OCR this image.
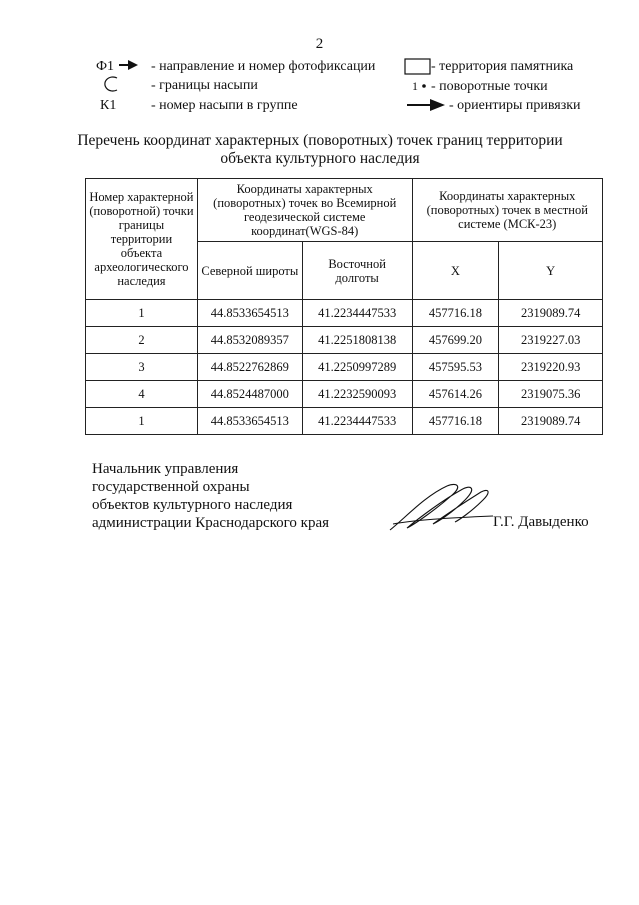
2
Ф1	- направление и номер фотофиксации
- границы насыпи
К1 - номер насыпи в группе
- территория памятника
1 - поворотные точки
- ориентиры привязки
Перечень координат характерных (поворотных) точек границ территории
объекта культурного наследия
Номер характерной (поворотной) точки границы территории объекта археологического наследия	Координаты характерных (поворотных) точек во Всемирной геодезической системе координат(WGS-84)		Координаты характерных (поворотных) точек в местной системе (МСК-23)	
	Северной широты	Восточной долготы	X	Y
1	44.8533654513	41.2234447533	457716.18	2319089.74
2	44.8532089357	41.2251808138	457699.20	2319227.03
3	44.8522762869	41.2250997289	457595.53	2319220.93
4	44.8524487000	41.2232590093	457614.26	2319075.36
1	44.8533654513	41.2234447533	457716.18	2319089.74
Начальник управления
государственной охраны
объектов культурного наследия
администрации Краснодарского края	Г.Г. Давыденко
